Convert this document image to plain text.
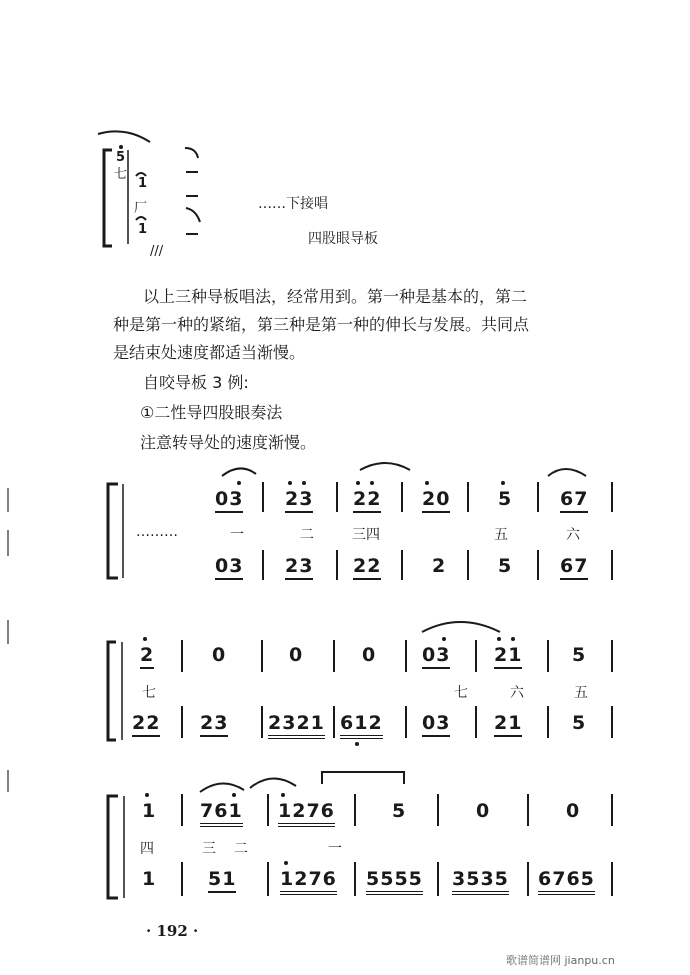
5
七
1
厂
1
///
……下接唱
四股眼导板
以上三种导板唱法，经常用到。第一种是基本的，第二
种是第一种的紧缩，第三种是第一种的伸长与发展。共同点
是结束处速度都适当渐慢。
自咬导板 3 例:
①二性导四股眼奏法
注意转导处的速度渐慢。
03 23 22 20	5	67
………	一	二	三四	五	六
03 23 22	2	5	67
2	0	0	0 03 21	5
七	七	六	五
22 23 2321 612 03 21	5
1 761 1276	5	0	0
四	三 二	一
1	51 1276 5555 3535 6765
· 192 ·
歌谱简谱网 jianpu.cn
